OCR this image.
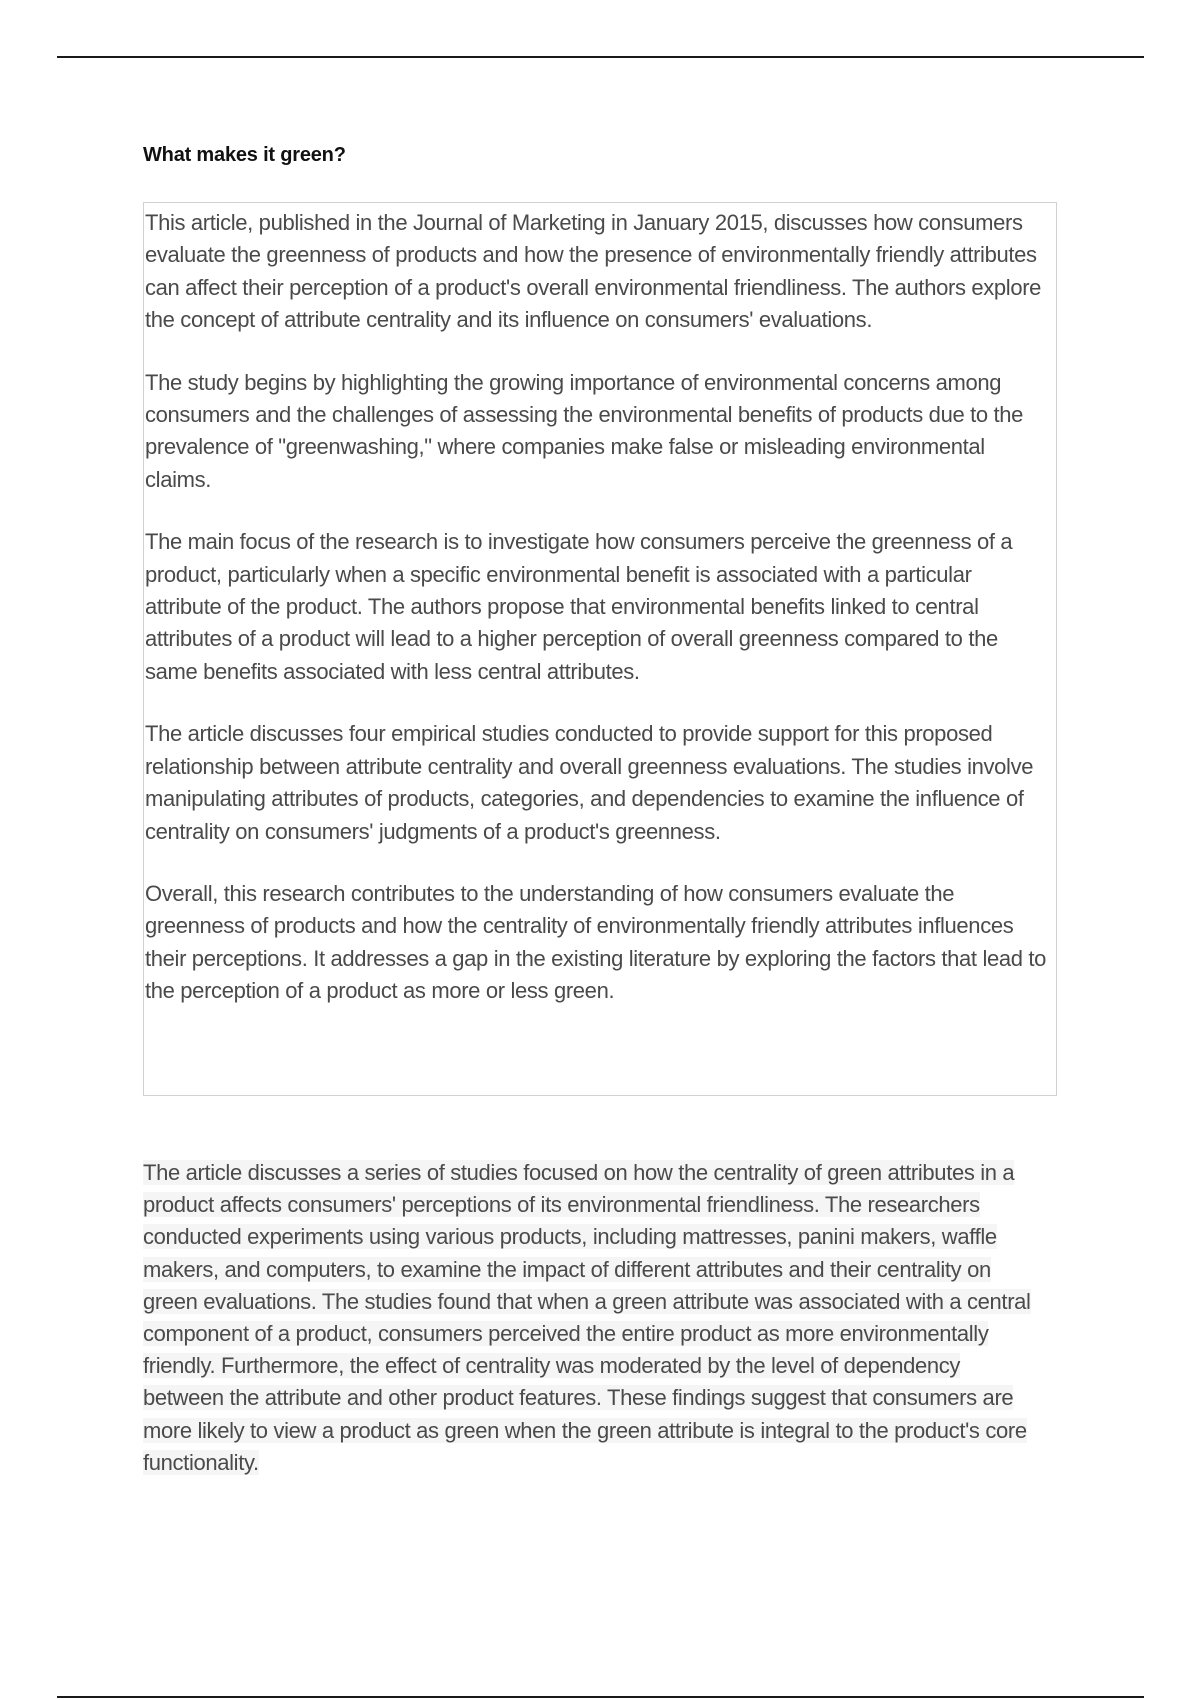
What makes it green?

This article, published in the Journal of Marketing in January 2015, discusses how consumers evaluate the greenness of products and how the presence of environmentally friendly attributes can affect their perception of a product's overall environmental friendliness. The authors explore the concept of attribute centrality and its influence on consumers' evaluations.

The study begins by highlighting the growing importance of environmental concerns among consumers and the challenges of assessing the environmental benefits of products due to the prevalence of "greenwashing," where companies make false or misleading environmental claims.

The main focus of the research is to investigate how consumers perceive the greenness of a product, particularly when a specific environmental benefit is associated with a particular attribute of the product. The authors propose that environmental benefits linked to central attributes of a product will lead to a higher perception of overall greenness compared to the same benefits associated with less central attributes.

The article discusses four empirical studies conducted to provide support for this proposed relationship between attribute centrality and overall greenness evaluations. The studies involve manipulating attributes of products, categories, and dependencies to examine the influence of centrality on consumers' judgments of a product's greenness.

Overall, this research contributes to the understanding of how consumers evaluate the greenness of products and how the centrality of environmentally friendly attributes influences their perceptions. It addresses a gap in the existing literature by exploring the factors that lead to the perception of a product as more or less green.

The article discusses a series of studies focused on how the centrality of green attributes in a product affects consumers' perceptions of its environmental friendliness. The researchers conducted experiments using various products, including mattresses, panini makers, waffle makers, and computers, to examine the impact of different attributes and their centrality on green evaluations. The studies found that when a green attribute was associated with a central component of a product, consumers perceived the entire product as more environmentally friendly. Furthermore, the effect of centrality was moderated by the level of dependency between the attribute and other product features. These findings suggest that consumers are more likely to view a product as green when the green attribute is integral to the product's core functionality.
